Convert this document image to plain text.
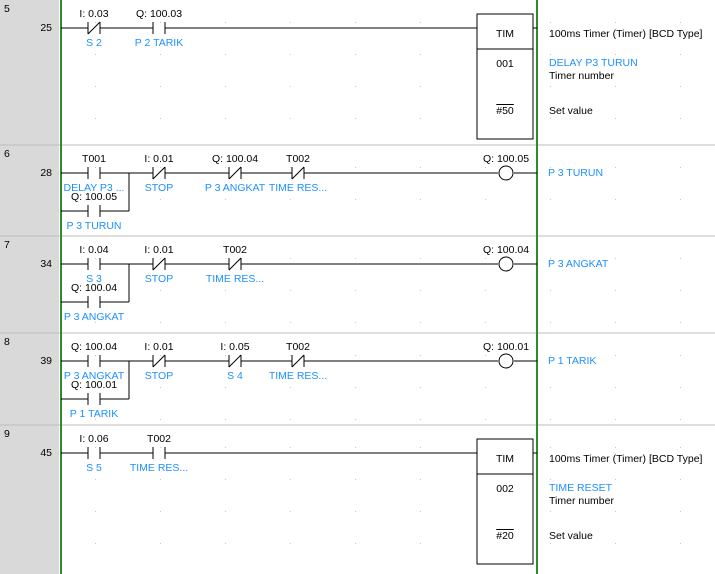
5
25
I: 0.03
S 2
Q: 100.03
P 2 TARIK
TIM
001
#50
100ms Timer (Timer) [BCD Type]
DELAY P3 TURUN
Timer number
Set value
6
28
T001
DELAY P3 ...
I: 0.01
STOP
Q: 100.04
P 3 ANGKAT
T002
TIME RES...
Q: 100.05
P 3 TURUN
Q: 100.05
P 3 TURUN
7
34
I: 0.04
S 3
I: 0.01
STOP
T002
TIME RES...
Q: 100.04
P 3 ANGKAT
Q: 100.04
P 3 ANGKAT
8
39
Q: 100.04
P 3 ANGKAT
I: 0.01
STOP
I: 0.05
S 4
T002
TIME RES...
Q: 100.01
P 1 TARIK
Q: 100.01
P 1 TARIK
9
45
I: 0.06
S 5
T002
TIME RES...
TIM
002
#20
100ms Timer (Timer) [BCD Type]
TIME RESET
Timer number
Set value
